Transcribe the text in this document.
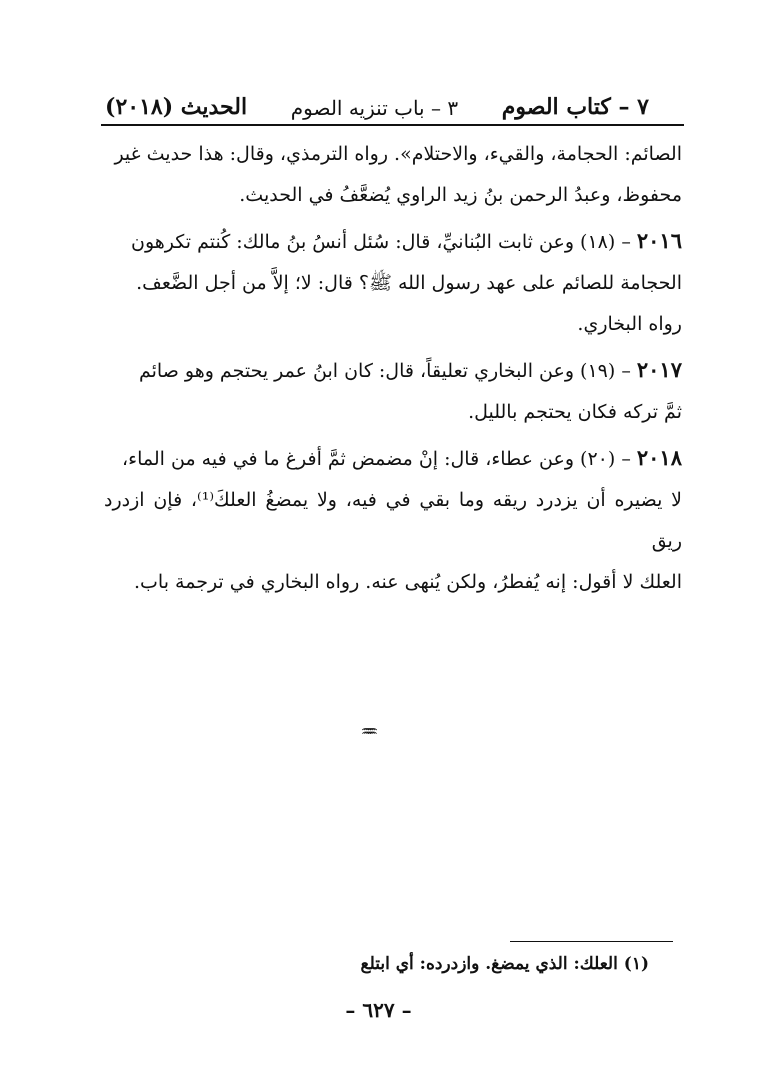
٧ – كتاب الصوم
٣ – باب تنزيه الصوم
الحديث (٢٠١٨)

الصائم: الحجامة، والقيء، والاحتلام». رواه الترمذي، وقال: هذا حديث غير
محفوظ، وعبدُ الرحمن بنُ زيد الراوي يُضعَّفُ في الحديث.

٢٠١٦ – (١٨) وعن ثابت البُنانيِّ، قال: سُئل أنسُ بنُ مالك: كُنتم تكرهون
الحجامة للصائم على عهد رسول الله ﷺ؟ قال: لا؛ إلاَّ من أجل الضَّعف.
رواه البخاري.

٢٠١٧ – (١٩) وعن البخاري تعليقاً، قال: كان ابنُ عمر يحتجم وهو صائم
ثمَّ تركه فكان يحتجم بالليل.

٢٠١٨ – (٢٠) وعن عطاء، قال: إنْ مضمض ثمَّ أفرغ ما في فيه من الماء،
لا يضيره أن يزدرد ريقه وما بقي في فيه، ولا يمضغُ العلكَ⁽¹⁾، فإن ازدرد ريق
العلك لا أقول: إنه يُفطرُ، ولكن يُنهى عنه. رواه البخاري في ترجمة باب.

(١) العلك: الذي يمضغ. وازدرده: أي ابتلع
– ٦٢٧ –
